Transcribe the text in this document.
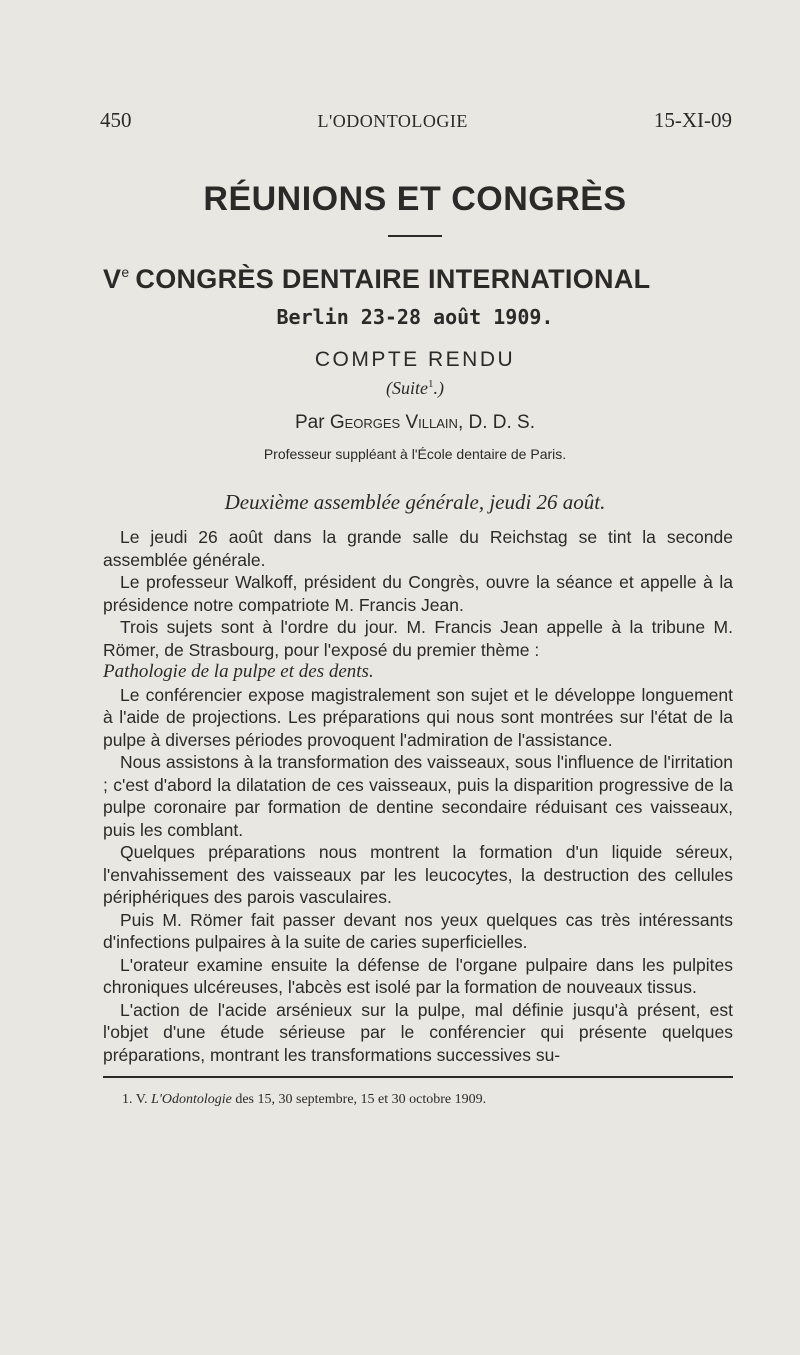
450	L'ODONTOLOGIE	15-XI-09
RÉUNIONS ET CONGRÈS
Ve CONGRÈS DENTAIRE INTERNATIONAL
Berlin 23-28 août 1909.
COMPTE RENDU
(Suite$^1$.)
Par Georges Villain, D. D. S.
Professeur suppléant à l'École dentaire de Paris.
Deuxième assemblée générale, jeudi 26 août.

Le jeudi 26 août dans la grande salle du Reichstag se tint la seconde assemblée générale.

Le professeur Walkoff, président du Congrès, ouvre la séance et appelle à la présidence notre compatriote M. Francis Jean.

Trois sujets sont à l'ordre du jour. M. Francis Jean appelle à la tribune M. Römer, de Strasbourg, pour l'exposé du premier thème :

Pathologie de la pulpe et des dents.

Le conférencier expose magistralement son sujet et le développe longuement à l'aide de projections. Les préparations qui nous sont montrées sur l'état de la pulpe à diverses périodes provoquent l'admiration de l'assistance.

Nous assistons à la transformation des vaisseaux, sous l'influence de l'irritation ; c'est d'abord la dilatation de ces vaisseaux, puis la disparition progressive de la pulpe coronaire par formation de dentine secondaire réduisant ces vaisseaux, puis les comblant.

Quelques préparations nous montrent la formation d'un liquide séreux, l'envahissement des vaisseaux par les leucocytes, la destruction des cellules périphériques des parois vasculaires.

Puis M. Römer fait passer devant nos yeux quelques cas très intéressants d'infections pulpaires à la suite de caries superficielles.

L'orateur examine ensuite la défense de l'organe pulpaire dans les pulpites chroniques ulcéreuses, l'abcès est isolé par la formation de nouveaux tissus.

L'action de l'acide arsénieux sur la pulpe, mal définie jusqu'à présent, est l'objet d'une étude sérieuse par le conférencier qui présente quelques préparations, montrant les transformations successives su-

1. V. L'Odontologie des 15, 30 septembre, 15 et 30 octobre 1909.
